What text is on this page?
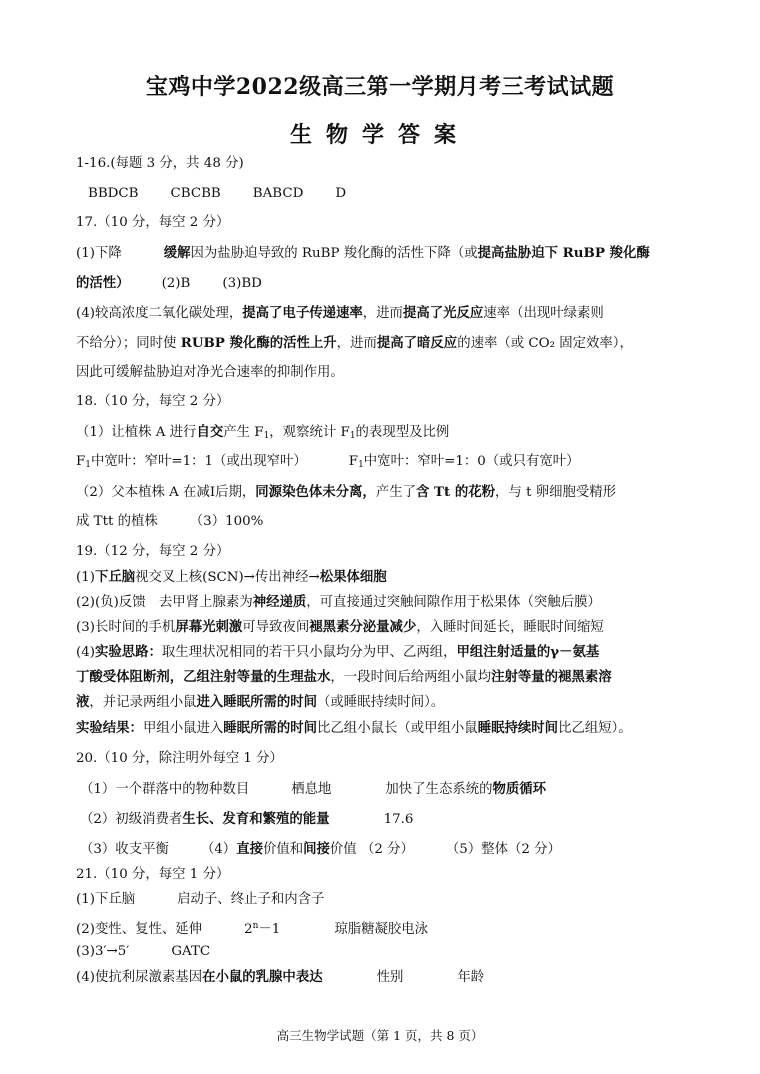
宝鸡中学2022级高三第一学期月考三考试试题
生物学答案
1-16.(每题 3 分，共 48 分)
BBDCB CBCBB BABCD D
17.（10 分，每空 2 分）
(1)下降	缓解因为盐胁迫导致的 RuBP 羧化酶的活性下降（或提高盐胁迫下 RuBP 羧化酶
的活性） (2)B (3)BD
(4)较高浓度二氧化碳处理，提高了电子传递速率，进而提高了光反应速率（出现叶绿素则
不给分）；同时使 RUBP 羧化酶的活性上升，进而提高了暗反应的速率（或 CO₂ 固定效率），
因此可缓解盐胁迫对净光合速率的抑制作用。
18.（10 分，每空 2 分）
（1）让植株 A 进行自交产生 $F_1$，观察统计 $F_1$的表现型及比例
$F_1$中宽叶：窄叶=1：1（或出现窄叶）	$F_1$中宽叶：窄叶=1：0（或只有宽叶）
（2）父本植株 A 在减Ⅰ后期，同源染色体未分离，产生了含 Tt 的花粉，与 t 卵细胞受精形
成 Ttt 的植株 （3）100%
19.（12 分，每空 2 分）
(1)下丘脑视交叉上核(SCN)→传出神经→松果体细胞
(2)(负)反馈　去甲肾上腺素为神经递质，可直接通过突触间隙作用于松果体（突触后膜）
(3)长时间的手机屏幕光刺激可导致夜间褪黑素分泌量减少，入睡时间延长，睡眠时间缩短
(4)实验思路：取生理状况相同的若干只小鼠均分为甲、乙两组，甲组注射适量的γ－氨基
丁酸受体阻断剂，乙组注射等量的生理盐水，一段时间后给两组小鼠均注射等量的褪黑素溶
液，并记录两组小鼠进入睡眠所需的时间（或睡眠持续时间）。
实验结果：甲组小鼠进入睡眠所需的时间比乙组小鼠长（或甲组小鼠睡眠持续时间比乙组短）。
20.（10 分，除注明外每空 1 分）
（1）一个群落中的物种数目	栖息地	加快了生态系统的物质循环
（2）初级消费者生长、发育和繁殖的能量	17.6
（3）收支平衡 （4）直接价值和间接价值 （2 分） （5）整体（2 分）
21.（10 分，每空 1 分）
(1)下丘脑	启动子、终止子和内含子
(2)变性、复性、延伸	$2^n-1$	琼脂糖凝胶电泳
(3)3′→5′	GATC
(4)使抗利尿激素基因在小鼠的乳腺中表达	性别	年龄
高三生物学试题（第 1 页，共 8 页）
